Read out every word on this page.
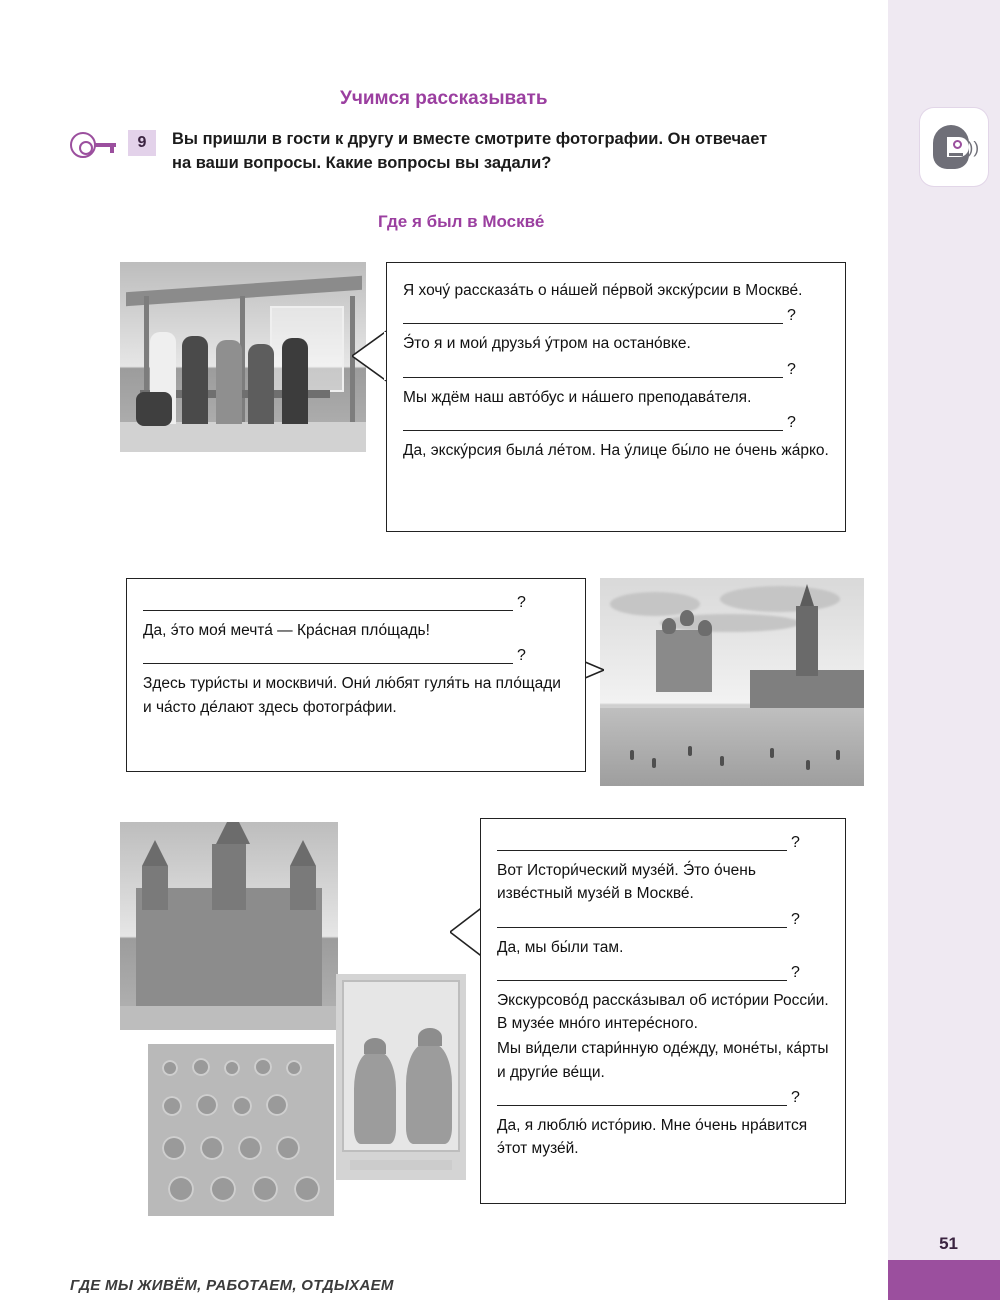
))
Учимся рассказывать
9	Вы пришли в гости к другу и вместе смотрите фотографии. Он отвечает на ваши вопросы. Какие вопросы вы задали?
Где я был в Москве́
Я хочу́ рассказа́ть о на́шей пе́рвой экску́рсии в Москве́.
?
Э́то я и мои́ друзья́ у́тром на остано́вке.
?
Мы ждём наш авто́бус и на́шего преподава́теля.
?
Да, экску́рсия была́ ле́том. На у́лице бы́ло не о́чень жа́рко.
?
Да, э́то моя́ мечта́ — Кра́сная пло́щадь!
?
Здесь тури́сты и москвичи́. Они́ лю́бят гуля́ть на пло́щади и ча́сто де́лают здесь фотогра́фии.
?
Вот Истори́ческий музе́й. Э́то о́чень изве́стный музе́й в Москве́.
?
Да, мы бы́ли там.
?
Экскурсово́д расска́зывал об исто́рии Росси́и. В музе́е мно́го интере́сного.
Мы ви́дели стари́нную оде́жду, моне́ты, ка́рты и други́е ве́щи.
?
Да, я люблю́ исто́рию. Мне о́чень нра́вится э́тот музе́й.
51
ГДЕ МЫ ЖИВЁМ, РАБОТАЕМ, ОТДЫХАЕМ
